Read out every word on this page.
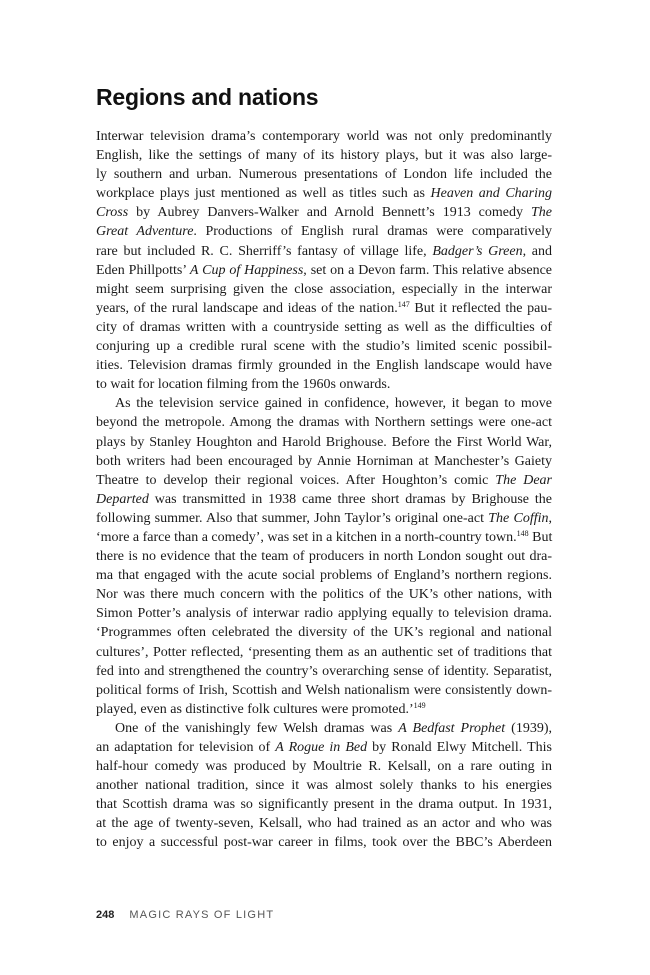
Regions and nations
Interwar television drama’s contemporary world was not only predominantly
English, like the settings of many of its history plays, but it was also large-
ly southern and urban. Numerous presentations of London life included the
workplace plays just mentioned as well as titles such as Heaven and Charing
Cross by Aubrey Danvers-Walker and Arnold Bennett’s 1913 comedy The
Great Adventure. Productions of English rural dramas were comparatively
rare but included R. C. Sherriff’s fantasy of village life, Badger’s Green, and
Eden Phillpotts’ A Cup of Happiness, set on a Devon farm. This relative absence
might seem surprising given the close association, especially in the interwar
years, of the rural landscape and ideas of the nation.$^{147}$ But it reflected the pau-
city of dramas written with a countryside setting as well as the difficulties of
conjuring up a credible rural scene with the studio’s limited scenic possibil-
ities. Television dramas firmly grounded in the English landscape would have
to wait for location filming from the 1960s onwards.
As the television service gained in confidence, however, it began to move
beyond the metropole. Among the dramas with Northern settings were one-act
plays by Stanley Houghton and Harold Brighouse. Before the First World War,
both writers had been encouraged by Annie Horniman at Manchester’s Gaiety
Theatre to develop their regional voices. After Houghton’s comic The Dear
Departed was transmitted in 1938 came three short dramas by Brighouse the
following summer. Also that summer, John Taylor’s original one-act The Coffin,
‘more a farce than a comedy’, was set in a kitchen in a north-country town.$^{148}$ But
there is no evidence that the team of producers in north London sought out dra-
ma that engaged with the acute social problems of England’s northern regions.
Nor was there much concern with the politics of the UK’s other nations, with
Simon Potter’s analysis of interwar radio applying equally to television drama.
‘Programmes often celebrated the diversity of the UK’s regional and national
cultures’, Potter reflected, ‘presenting them as an authentic set of traditions that
fed into and strengthened the country’s overarching sense of identity. Separatist,
political forms of Irish, Scottish and Welsh nationalism were consistently down-
played, even as distinctive folk cultures were promoted.’$^{149}$
One of the vanishingly few Welsh dramas was A Bedfast Prophet (1939),
an adaptation for television of A Rogue in Bed by Ronald Elwy Mitchell. This
half-hour comedy was produced by Moultrie R. Kelsall, on a rare outing in
another national tradition, since it was almost solely thanks to his energies
that Scottish drama was so significantly present in the drama output. In 1931,
at the age of twenty-seven, Kelsall, who had trained as an actor and who was
to enjoy a successful post-war career in films, took over the BBC’s Aberdeen
248 MAGIC RAYS OF LIGHT
